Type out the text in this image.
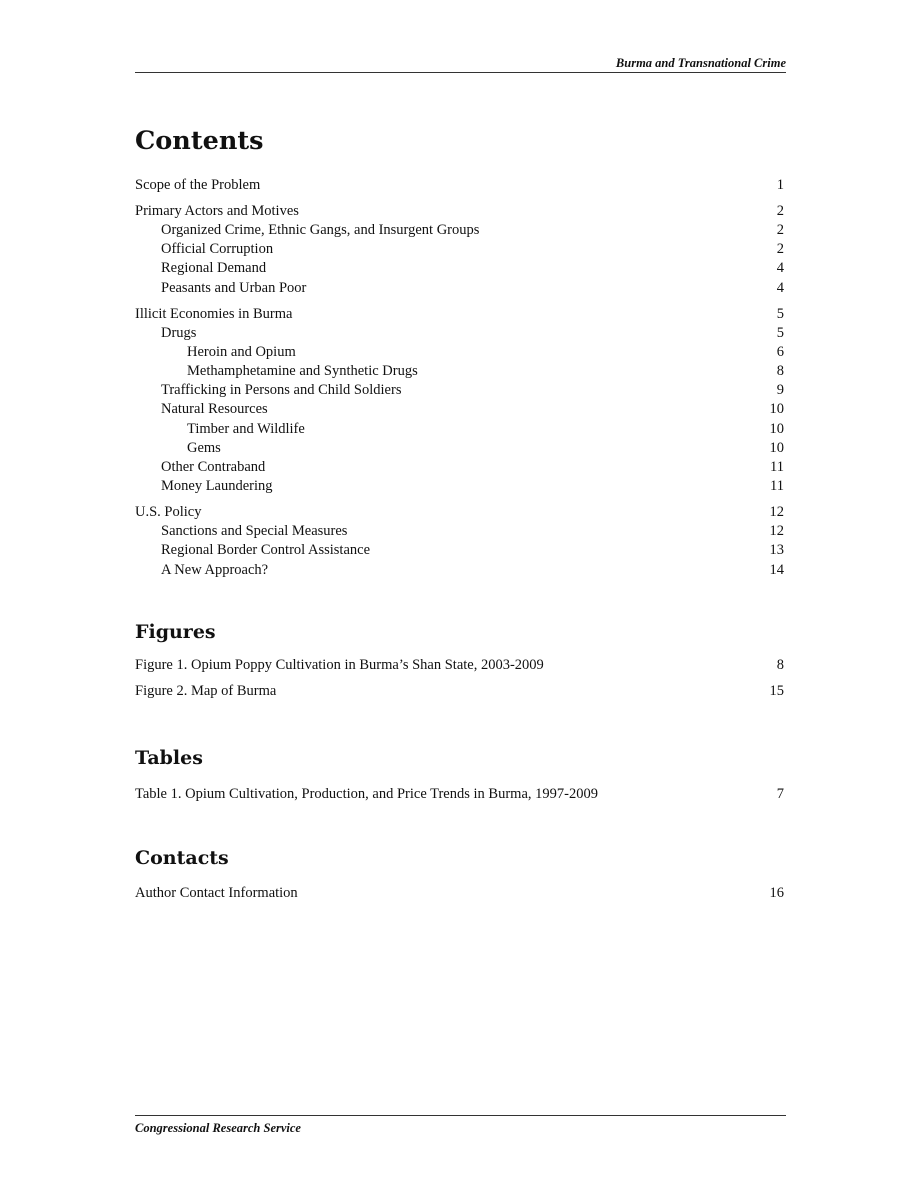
Burma and Transnational Crime
Contents
Scope of the Problem	1
Primary Actors and Motives	2
Organized Crime, Ethnic Gangs, and Insurgent Groups	2
Official Corruption	2
Regional Demand	4
Peasants and Urban Poor	4
Illicit Economies in Burma	5
Drugs	5
Heroin and Opium	6
Methamphetamine and Synthetic Drugs	8
Trafficking in Persons and Child Soldiers	9
Natural Resources	10
Timber and Wildlife	10
Gems	10
Other Contraband	11
Money Laundering	11
U.S. Policy	12
Sanctions and Special Measures	12
Regional Border Control Assistance	13
A New Approach?	14
Figures
Figure 1. Opium Poppy Cultivation in Burma’s Shan State, 2003-2009	8
Figure 2. Map of Burma	15
Tables
Table 1. Opium Cultivation, Production, and Price Trends in Burma, 1997-2009	7
Contacts
Author Contact Information	16
Congressional Research Service
